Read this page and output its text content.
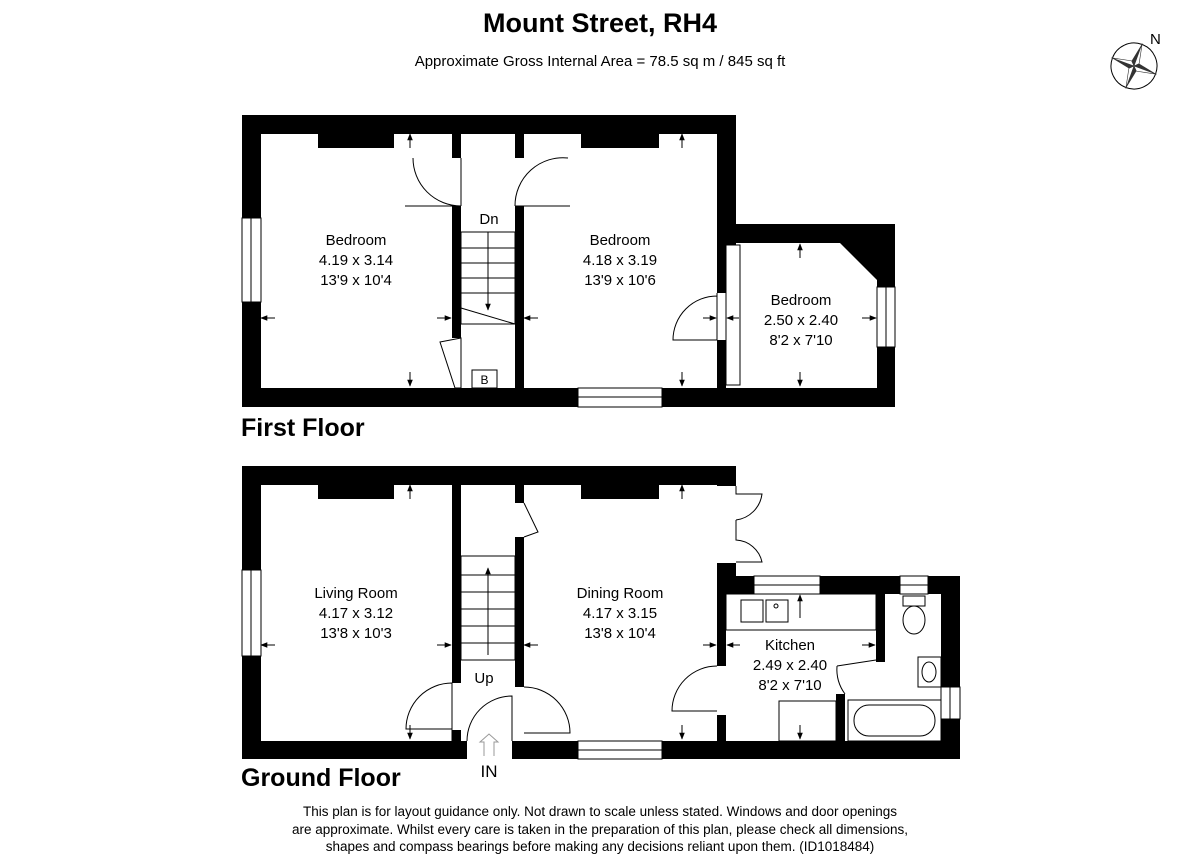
Mount Street, RH4
Approximate Gross Internal Area = 78.5 sq m / 845 sq ft
N
B
Dn
Bedroom
4.19 x 3.14
13'9 x 10'4
Bedroom
4.18 x 3.19
13'9 x 10'6
Bedroom
2.50 x 2.40
8'2 x 7'10
Up
IN
Living Room
4.17 x 3.12
13'8 x 10'3
Dining Room
4.17 x 3.15
13'8 x 10'4
Kitchen
2.49 x 2.40
8'2 x 7'10
First Floor
Ground Floor
This plan is for layout guidance only. Not drawn to scale unless stated. Windows and door openings
are approximate. Whilst every care is taken in the preparation of this plan, please check all dimensions,
shapes and compass bearings before making any decisions reliant upon them. (ID1018484)
